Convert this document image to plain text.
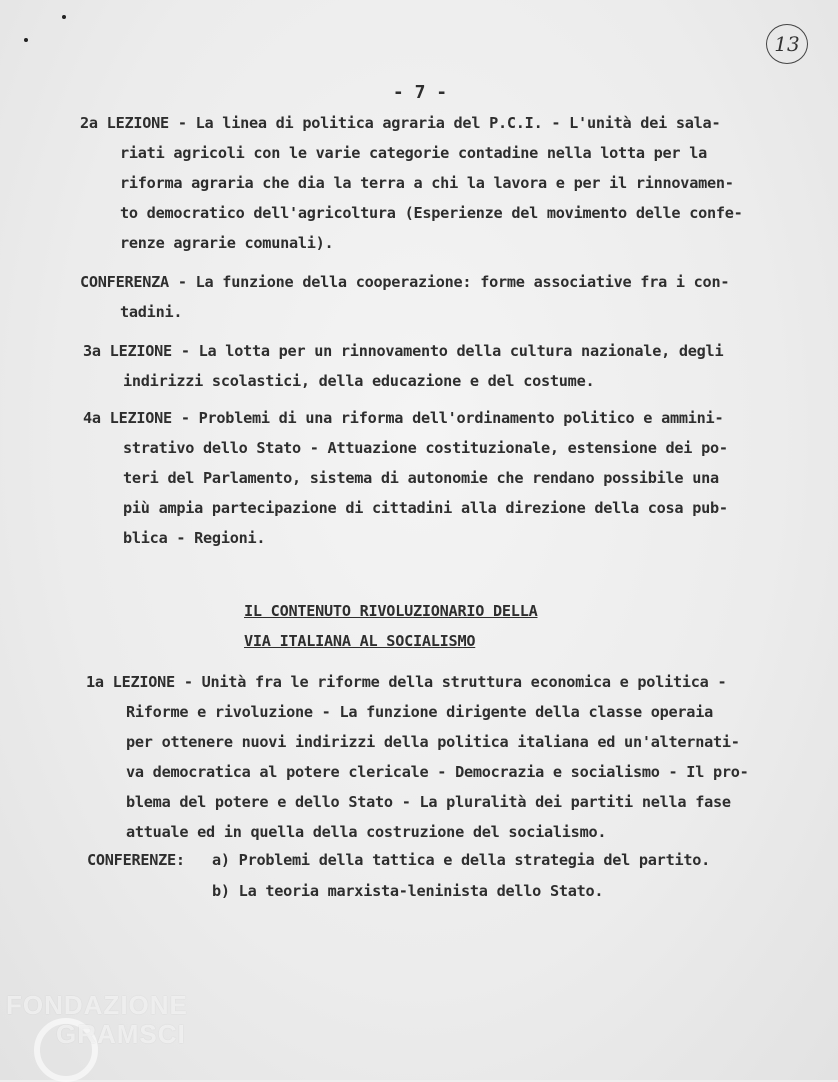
13
- 7 -
2a LEZIONE - La linea di politica agraria del P.C.I. - L'unità dei sala-
riati agricoli con le varie categorie contadine nella lotta per la
riforma agraria che dia la terra a chi la lavora e per il rinnovamen-
to democratico dell'agricoltura (Esperienze del movimento delle confe-
renze agrarie comunali).
CONFERENZA - La funzione della cooperazione: forme associative fra i con-
tadini.
3a LEZIONE - La lotta per un rinnovamento della cultura nazionale, degli
indirizzi scolastici, della educazione e del costume.
4a LEZIONE - Problemi di una riforma dell'ordinamento politico e ammini-
strativo dello Stato - Attuazione costituzionale, estensione dei po-
teri del Parlamento, sistema di autonomie che rendano possibile una
più ampia partecipazione di cittadini alla direzione della cosa pub-
blica - Regioni.
IL CONTENUTO RIVOLUZIONARIO DELLA
VIA ITALIANA AL SOCIALISMO
1a LEZIONE - Unità fra le riforme della struttura economica e politica -
Riforme e rivoluzione - La funzione dirigente della classe operaia
per ottenere nuovi indirizzi della politica italiana ed un'alternati-
va democratica al potere clericale - Democrazia e socialismo - Il pro-
blema del potere e dello Stato - La pluralità dei partiti nella fase
attuale ed in quella della costruzione del socialismo.
CONFERENZE: a) Problemi della tattica e della strategia del partito.
b) La teoria marxista-leninista dello Stato.
FONDAZIONE
GRAMSCI
